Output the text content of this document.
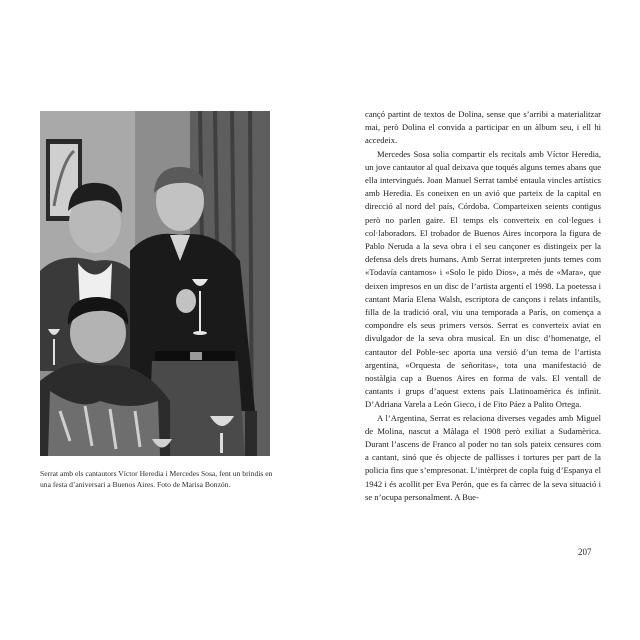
Serrat amb els cantautors Víctor Heredia i Mercedes Sosa, fent un brindis en una festa d’aniversari a Buenos Aires. Foto de Marisa Bonzón.

cançó partint de textos de Dolina, sense que s’arribi a materialitzar mai, però Dolina el convida a participar en un àlbum seu, i ell hi accedeix.

Mercedes Sosa solia compartir els recitals amb Víctor Heredia, un jove cantautor al qual deixava que toqués alguns temes abans que ella intervingués. Joan Manuel Serrat també entaula vincles artístics amb Heredia. Es coneixen en un avió que parteix de la capital en direcció al nord del país, Córdoba. Comparteixen seients contigus però no parlen gaire. El temps els converteix en col·legues i col·laboradors. El trobador de Buenos Aires incorpora la figura de Pablo Neruda a la seva obra i el seu cançoner es distingeix per la defensa dels drets humans. Amb Serrat interpreten junts temes com «Todavía cantamos» i «Solo le pido Dios», a més de «Mara», que deixen impresos en un disc de l’artista argentí el 1998. La poetessa i cantant María Elena Walsh, escriptora de cançons i relats infantils, filla de la tradició oral, viu una temporada a París, on comença a compondre els seus primers versos. Serrat es converteix aviat en divulgador de la seva obra musical. En un disc d’homenatge, el cantautor del Poble-sec aporta una versió d’un tema de l’artista argentina, «Orquesta de señoritas», tota una manifestació de nostàlgia cap a Buenos Aires en forma de vals. El ventall de cantants i grups d’aquest extens país Llatinoamèrica és infinit. D’Adriana Varela a León Gieco, i de Fito Páez a Palito Ortega.

A l’Argentina, Serrat es relaciona diverses vegades amb Miguel de Molina, nascut a Màlaga el 1908 però exiliat a Sudamèrica. Durant l’ascens de Franco al poder no tan sols pateix censures com a cantant, sinó que és objecte de pallisses i tortures per part de la policia fins que s’empresonat. L’intèrpret de copla fuig d’Espanya el 1942 i és acollit per Eva Perón, que es fa càrrec de la seva situació i se n’ocupa personalment. A Bue-

207
